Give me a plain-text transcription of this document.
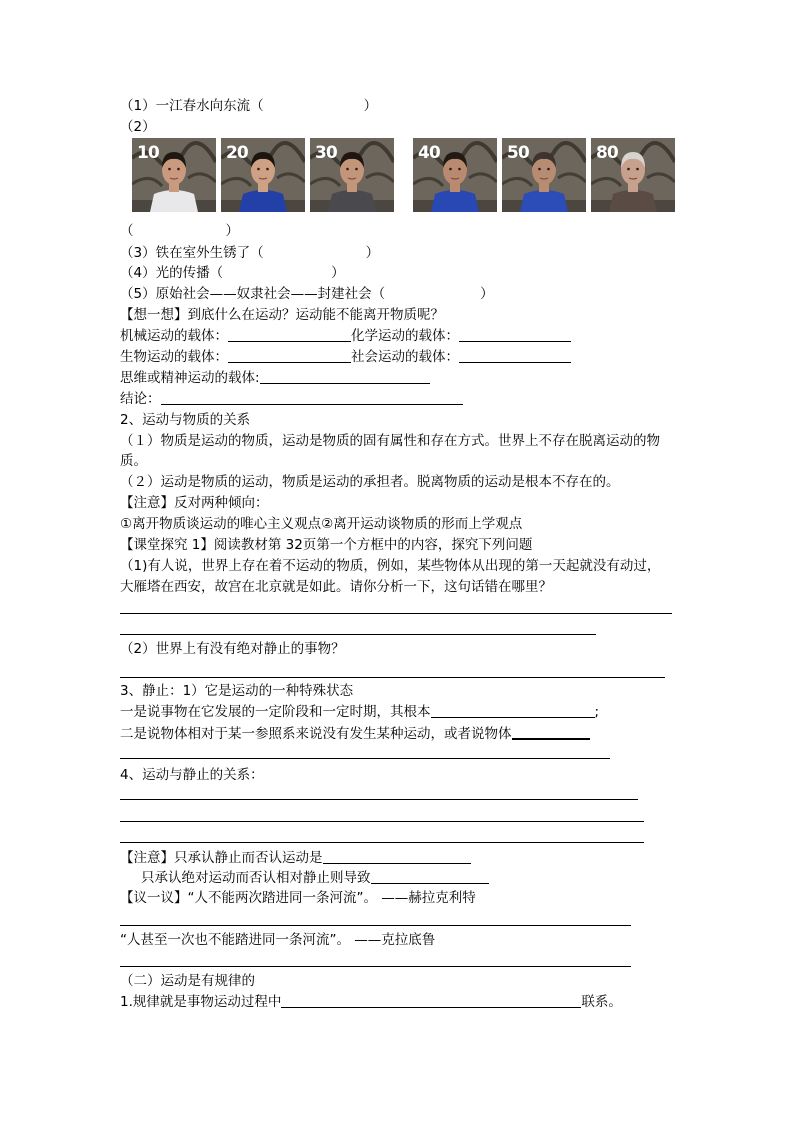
（1）一江春水向东流（	）
（2）
10	20	30	40	50	80
（	）
（3）铁在室外生锈了（	）
（4）光的传播（	）
（5）原始社会——奴隶社会——封建社会（	）
【想一想】到底什么在运动？运动能不能离开物质呢？
机械运动的载体：	化学运动的载体：
生物运动的载体：	社会运动的载体：
思维或精神运动的载体:
结论：
2、运动与物质的关系
（１）物质是运动的物质，运动是物质的固有属性和存在方式。世界上不存在脱离运动的物
质。
（２）运动是物质的运动，物质是运动的承担者。脱离物质的运动是根本不存在的。
【注意】反对两种倾向：
①离开物质谈运动的唯心主义观点②离开运动谈物质的形而上学观点
【课堂探究 1】阅读教材第 32页第一个方框中的内容，探究下列问题
（1)有人说，世界上存在着不运动的物质，例如，某些物体从出现的第一天起就没有动过，
大雁塔在西安，故宫在北京就是如此。请你分析一下，这句话错在哪里？
（2）世界上有没有绝对静止的事物？
3、静止：1）它是运动的一种特殊状态
一是说事物在它发展的一定阶段和一定时期，其根本	;
二是说物体相对于某一参照系来说没有发生某种运动，或者说物体
4、运动与静止的关系：
【注意】只承认静止而否认运动是
只承认绝对运动而否认相对静止则导致
【议一议】“人不能两次踏进同一条河流”。 ——赫拉克利特
“人甚至一次也不能踏进同一条河流”。 ——克拉底鲁
（二）运动是有规律的
1.规律就是事物运动过程中	联系。
